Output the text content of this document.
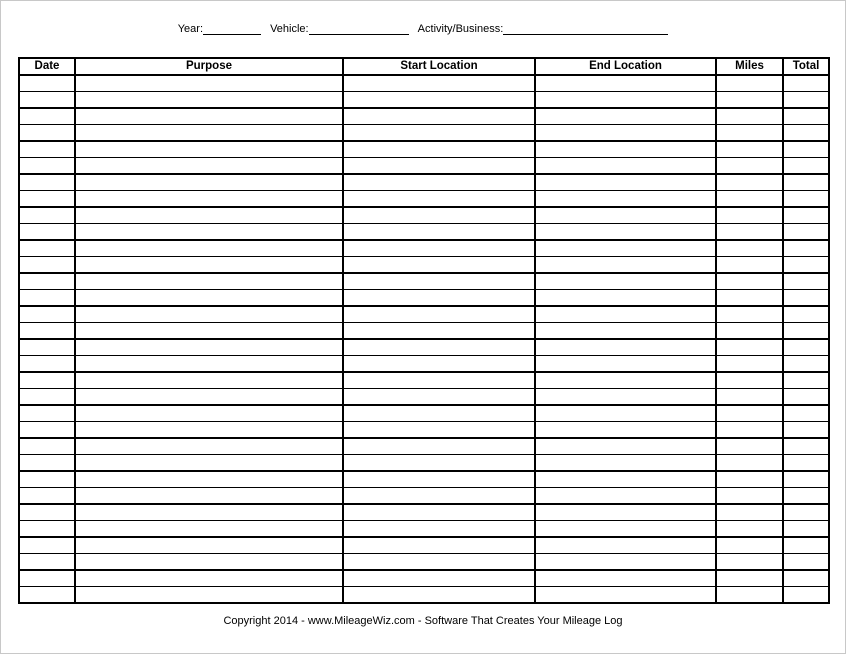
Year:	Vehicle:	Activity/Business:
Date	Purpose	Start Location	End Location	Miles	Total

Copyright 2014 - www.MileageWiz.com - Software That Creates Your Mileage Log
